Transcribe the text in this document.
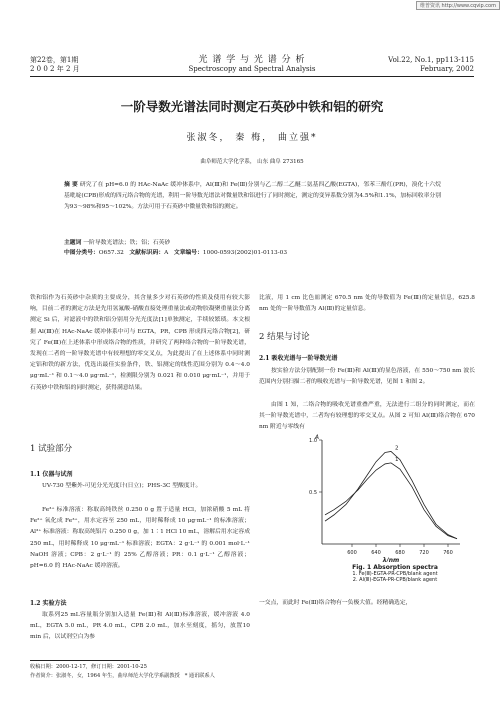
维普资讯 http://www.cqvip.com
第22卷，第1期
2 0 0 2 年 2 月
光 谱 学 与 光 谱 分 析
Spectroscopy and Spectral Analysis
Vol.22, No.1, pp113-115
February, 2002
一阶导数光谱法同时测定石英砂中铁和铝的研究
张淑冬， 秦 梅， 曲立强*
曲阜师范大学化学系， 山东 曲阜 273165
摘 要 研究了在 pH=6.0 的 HAc-NaAc 缓冲体系中，Al(Ⅲ)和 Fe(Ⅲ)分别与乙二醇二乙醚二氨基四乙酸(EGTA)，邻苯三酚红(PR)，溴化十六烷基吡啶(CPB)形成的四元络合物的光谱，利用一阶导数光谱法对微量铁和铝进行了同时测定，测定的变异系数分别为4.5%和1.1%，加标回收率分别为93～98%和95～102%。方法可用于石英砂中微量铁和铝的测定。
主题词 一阶导数光谱法；铁；铝；石英砂
中图分类号：O657.32 文献标识码：A 文章编号：1000-0593(2002)01-0113-03
铁和铝作为石英砂中杂质的主要成分，其含量多少对石英砂的性质及使用有较大影响，目前二者的测定方法是先用氢氟酸-硝酸直接处理重量法或动物胶凝聚重量法分离测定 Si 后，对滤液中的铁和铝分别用分光光度法[1]单独测定，手续较繁琐。本文根据 Al(Ⅲ)在 HAc-NaAc 缓冲体系中可与 EGTA，PR，CPB 形成四元络合物[2]，研究了 Fe(Ⅲ)在上述体系中形成络合物的性质，并研究了两种络合物的一阶导数光谱，发现在二者的一阶导数光谱中有较理想的零交叉点，为此提出了在上述体系中同时测定铝和铁的新方法，优选出最佳实验条件，铁、铝测定的线性范围分别为 0.4～4.0 μg·mL⁻¹ 和 0.1～4.0 μg·mL⁻¹，检测限分别为 0.021 和 0.010 μg·mL⁻¹，并用于石英砂中铁和铝的同时测定，获得满意结果。
1 试验部分
1.1 仪器与试剂
UV-730 型紫外-可见分光光度计(日立)；PHS-3C 型酸度计。
Fe³⁺ 标准溶液：称取高纯铁丝 0.250 0 g 置于适量 HCl，加浓硝酸 5 mL 将 Fe²⁺ 氧化成 Fe³⁺，用水定容至 250 mL，用时稀释成 10 μg·mL⁻¹ 的标准溶液；Al³⁺ 标准溶液：称取高纯铝片 0.250 0 g，加 1∶1 HCl 10 mL，溶解后用水定容成 250 mL，用时稀释成 10 μg·mL⁻¹ 标准溶液；EGTA：2 g·L⁻¹ 的 0.001 mol·L⁻¹ NaOH 溶液；CPB：2 g·L⁻¹ 的 25% 乙醇溶液；PR：0.1 g·L⁻¹ 乙醇溶液；pH=6.0 的 HAc-NaAc 缓冲溶液。
1.2 实验方法
取系列25 mL容量瓶分别加入适量 Fe(Ⅲ)和 Al(Ⅲ)标准溶液，缓冲溶液 4.0 mL，EGTA 5.0 mL，PR 4.0 mL，CPB 2.0 mL，加水至刻度，摇匀，放置10 min 后，以试剂空白为参
比液，用 1 cm 比色皿测定 670.5 nm 处的导数值为 Fe(Ⅲ)的定量信息，625.8 nm 处的一阶导数值为 Al(Ⅲ)的定量信息。
2 结果与讨论
2.1 吸收光谱与一阶导数光谱
按实验方法分别配制一份 Fe(Ⅲ)和 Al(Ⅲ)的显色溶液，在 550～750 nm 波长范围内分别扫描二者的吸收光谱与一阶导数光谱，见图 1 和图 2。
由图 1 知，二络合物的吸收光谱重叠严重，无法进行二组分的同时测定，而在其一阶导数光谱中，二者均有较理想的零交叉点。从图 2 可知 Al(Ⅲ)络合物在 670 nm 附近与零线有
600	640	680	720	760
0.5
1.0
λ/nm
A
1
2
Fig. 1 Absorption spectra
1. Fe(Ⅲ)-EGTA-PR-CPB/blank agent
2. Al(Ⅲ)-EGTA-PR-CPB/blank agent
一交点，而此时 Fe(Ⅲ)络合物有一负极大值。经精确选定，
收稿日期：2000-12-17，修订日期：2001-10-25
作者简介：张淑冬，女，1964 年生，曲阜师范大学化学系副教授 * 通讯联系人
